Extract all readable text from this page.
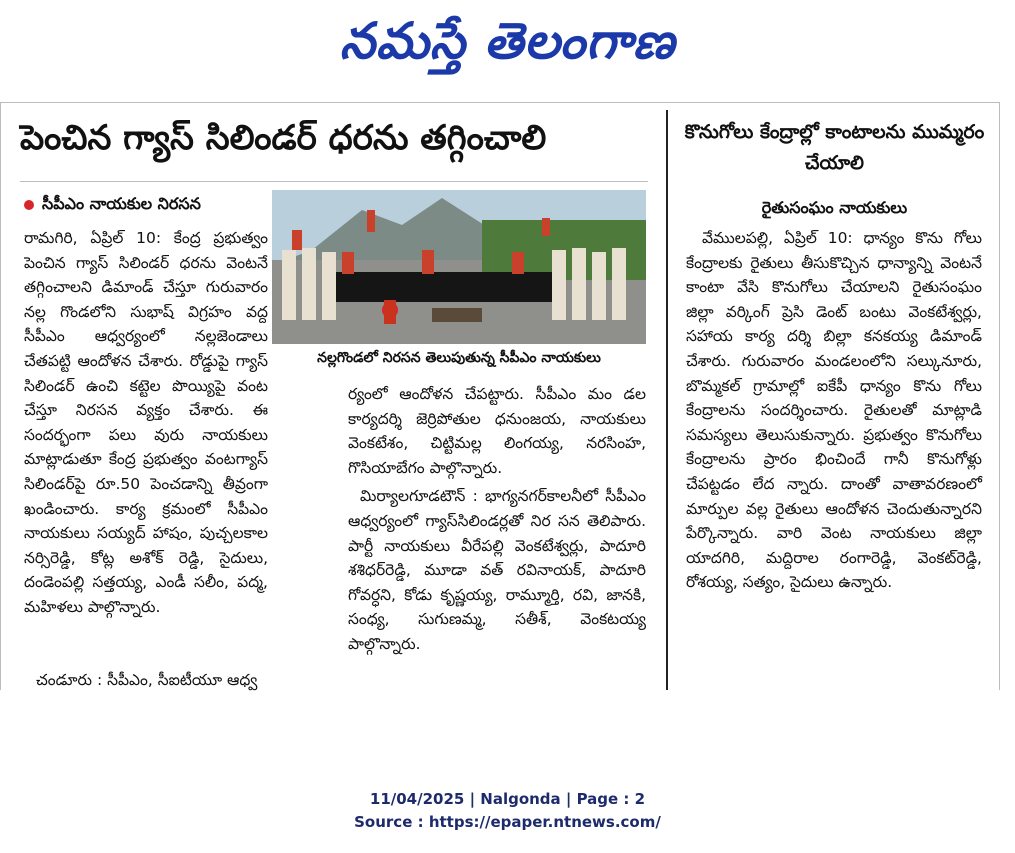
నమస్తే తెలంగాణ
పెంచిన గ్యాస్ సిలిండర్ ధరను తగ్గించాలి
సీపీఎం నాయకుల నిరసన

రామగిరి, ఏప్రిల్ 10: కేంద్ర ప్రభుత్వం పెంచిన గ్యాస్ సిలిండర్ ధరను వెంటనే తగ్గించాలని డిమాండ్ చేస్తూ గురువారం నల్ల గొండలోని సుభాష్ విగ్రహం వద్ద సీపీఎం ఆధ్వర్యంలో నల్లజెండాలు చేతపట్టి ఆందోళన చేశారు. రోడ్డుపై గ్యాస్ సిలిండర్ ఉంచి కట్టెల పొయ్యిపై వంట చేస్తూ నిరసన వ్యక్తం చేశారు. ఈ సందర్భంగా పలు వురు నాయకులు మాట్లాడుతూ కేంద్ర ప్రభుత్వం వంటగ్యాస్ సిలిండర్‌పై రూ.50 పెంచడాన్ని తీవ్రంగా ఖండించారు. కార్య క్రమంలో సీపీఎం నాయకులు సయ్యద్ హాషం, పుచ్చలకాల నర్సిరెడ్డి, కోట్ల అశోక్ రెడ్డి, సైదులు, దండెంపల్లి సత్తయ్య, ఎండీ సలీం, పద్మ, మహిళలు పాల్గొన్నారు.

నల్లగొండలో నిరసన తెలుపుతున్న సీపీఎం నాయకులు

ర్యంలో ఆందోళన చేపట్టారు. సీపీఎం మం డల కార్యదర్శి జెర్రిపోతుల ధనుంజయ, నాయకులు వెంకటేశం, చిట్టిమల్ల లింగయ్య, నరసింహ, గొసియాబేగం పాల్గొన్నారు.

మిర్యాలగూడటౌన్ : భాగ్యనగర్‌కాలనీలో సీపీఎం ఆధ్వర్యంలో గ్యాస్‌సిలిండర్లతో నిర సన తెలిపారు. పార్టీ నాయకులు వీరేపల్లి వెంకటేశ్వర్లు, పాదూరి శశిధర్‌రెడ్డి, మూడా వత్ రవినాయక్, పాదూరి గోవర్ధని, కోడు కృష్ణయ్య, రామ్మూర్తి, రవి, జానకి, సంధ్య, సుగుణమ్మ, సతీశ్, వెంకటయ్య పాల్గొన్నారు.

చండూరు : సీపీఎం, సీఐటీయూ ఆధ్వ

కొనుగోలు కేంద్రాల్లో కాంటాలను ముమ్మరం చేయాలి
రైతుసంఘం నాయకులు

వేములపల్లి, ఏప్రిల్ 10: ధాన్యం కొను గోలు కేంద్రాలకు రైతులు తీసుకొచ్చిన ధాన్యాన్ని వెంటనే కాంటా వేసి కొనుగోలు చేయాలని రైతుసంఘం జిల్లా వర్కింగ్ ప్రెసి డెంట్ బంటు వెంకటేశ్వర్లు, సహాయ కార్య దర్శి బిల్లా కనకయ్య డిమాండ్ చేశారు. గురువారం మండలంలోని సల్కునూరు, బొమ్మకల్ గ్రామాల్లో ఐకేపీ ధాన్యం కొను గోలు కేంద్రాలను సందర్శించారు. రైతులతో మాట్లాడి సమస్యలు తెలుసుకున్నారు. ప్రభుత్వం కొనుగోలు కేంద్రాలను ప్రారం భించిందే గానీ కొనుగోళ్లు చేపట్టడం లేద న్నారు. దాంతో వాతావరణంలో మార్పుల వల్ల రైతులు ఆందోళన చెందుతున్నారని పేర్కొన్నారు. వారి వెంట నాయకులు జిల్లా యాదగిరి, మద్దిరాల రంగారెడ్డి, వెంకట్‌రెడ్డి, రోశయ్య, సత్యం, సైదులు ఉన్నారు.

11/04/2025 | Nalgonda | Page : 2
Source : https://epaper.ntnews.com/
